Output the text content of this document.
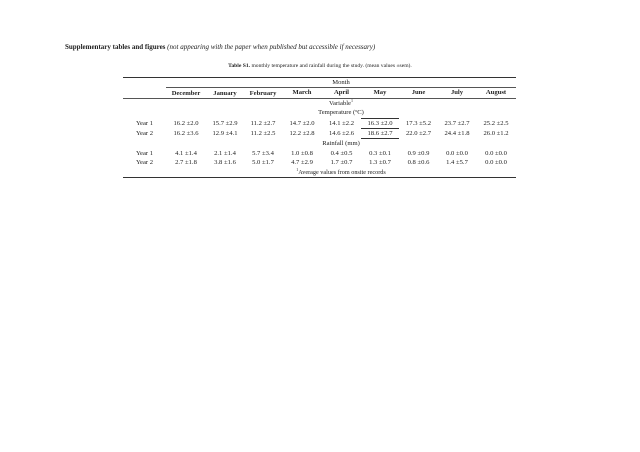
Supplementary tables and figures (not appearing with the paper when published but accessible if necessary)
Table S1. monthly temperature and rainfall during the study. (mean values ±sem).
	Month								
	December	January	February	March	April	May	June	July	August
	Variable$^1$
	Temperature (ºC)								
Year 1	16.2 ±2.0	15.7 ±2.9	11.2 ±2.7	14.7 ±2.0	14.1 ±2.2	16.3 ±2.0	17.3 ±5.2	23.7 ±2.7	25.2 ±2.5
Year 2	16.2 ±3.6	12.9 ±4.1	11.2 ±2.5	12.2 ±2.8	14.6 ±2.6	18.6 ±2.7	22.0 ±2.7	24.4 ±1.8	26.0 ±1.2
	Rainfall (mm)								
Year 1	4.1 ±1.4	2.1 ±1.4	5.7 ±3.4	1.0 ±0.8	0.4 ±0.5	0.3 ±0.1	0.9 ±0.9	0.0 ±0.0	0.0 ±0.0
Year 2	2.7 ±1.8	3.8 ±1.6	5.0 ±1.7	4.7 ±2.9	1.7 ±0.7	1.3 ±0.7	0.8 ±0.6	1.4 ±5.7	0.0 ±0.0
	$^1$Average values from onsite records								
